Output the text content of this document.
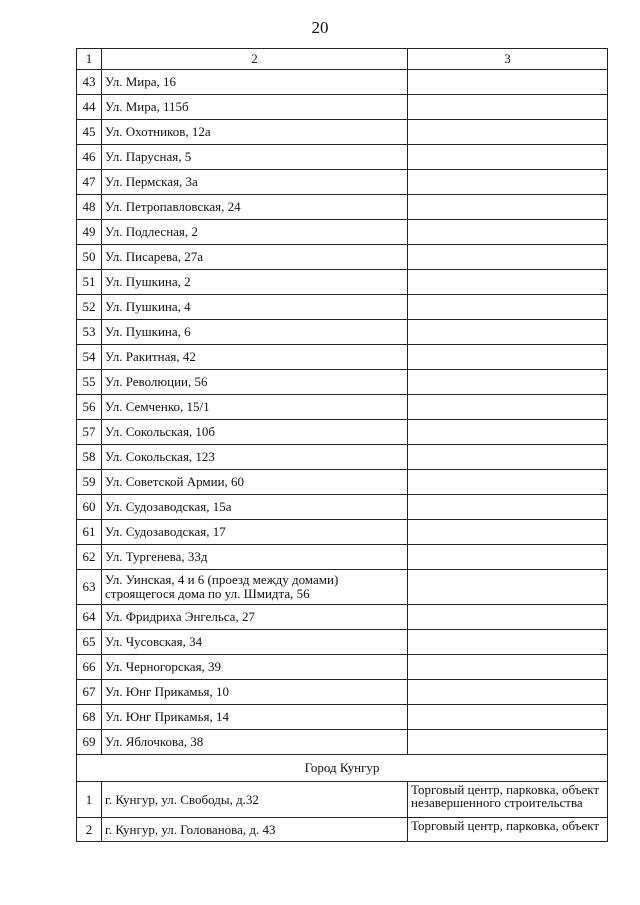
20
1	2	3
43	Ул. Мира, 16	
44	Ул. Мира, 115б	
45	Ул. Охотников, 12а	
46	Ул. Парусная, 5	
47	Ул. Пермская, 3а	
48	Ул. Петропавловская, 24	
49	Ул. Подлесная, 2	
50	Ул. Писарева, 27а	
51	Ул. Пушкина, 2	
52	Ул. Пушкина, 4	
53	Ул. Пушкина, 6	
54	Ул. Ракитная, 42	
55	Ул. Революции, 56	
56	Ул. Семченко, 15/1	
57	Ул. Сокольская, 10б	
58	Ул. Сокольская, 123	
59	Ул. Советской Армии, 60	
60	Ул. Судозаводская, 15а	
61	Ул. Судозаводская, 17	
62	Ул. Тургенева, 33д	
63	Ул. Уинская, 4 и 6 (проезд между домами) строящегося дома по ул. Шмидта, 56	
64	Ул. Фридриха Энгельса, 27	
65	Ул. Чусовская, 34	
66	Ул. Черногорская, 39	
67	Ул. Юнг Прикамья, 10	
68	Ул. Юнг Прикамья, 14	
69	Ул. Яблочкова, 38	
Город Кунгур		
1	г. Кунгур, ул. Свободы, д.32	Торговый центр, парковка, объект незавершенного строительства
2	г. Кунгур, ул. Голованова, д. 43	Торговый центр, парковка, объект
